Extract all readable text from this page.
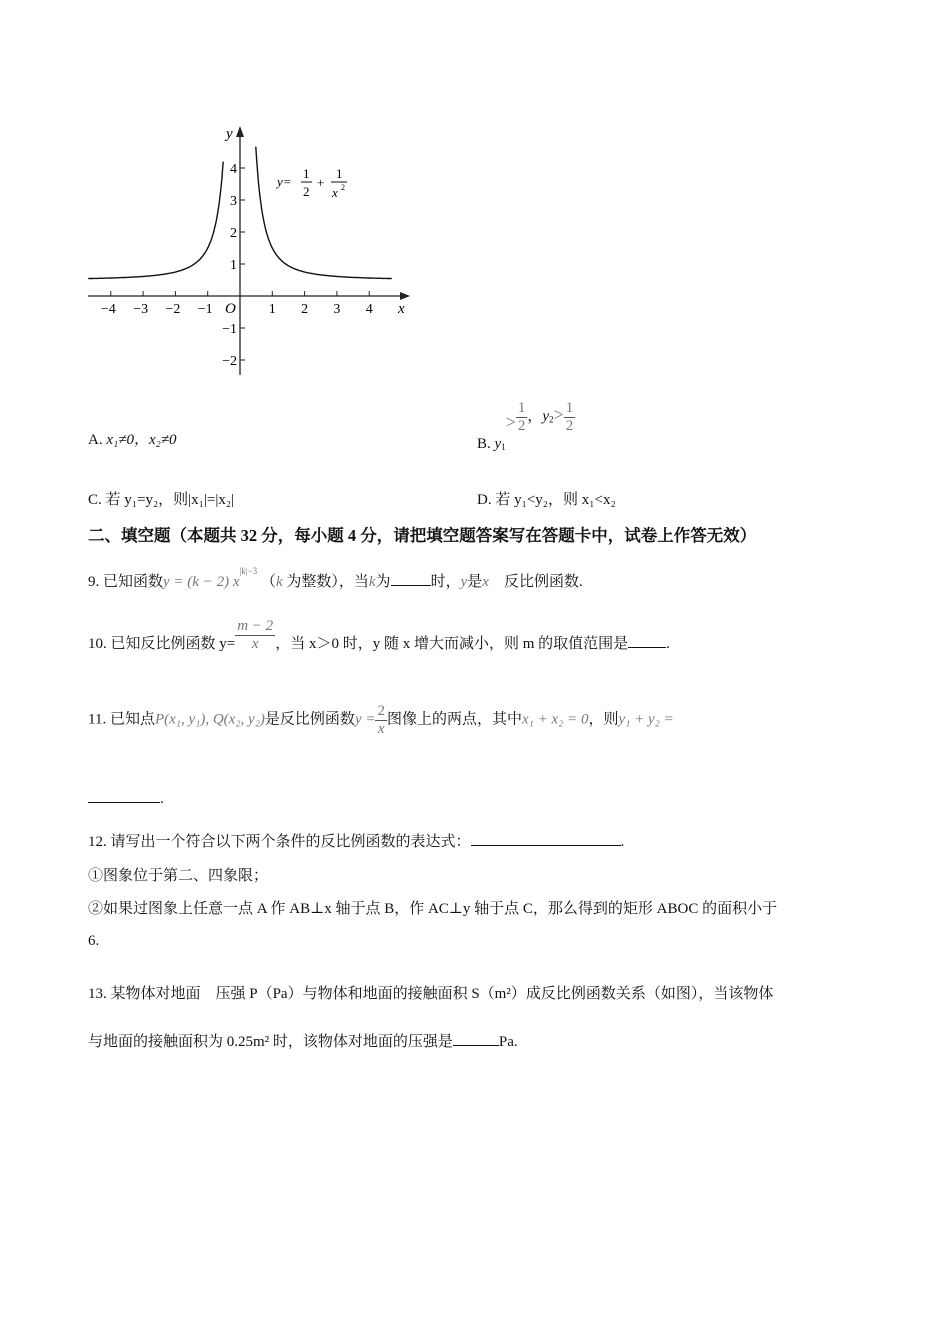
−4 −3 −2 −1	1 2 3 4
4
3
2
1
−1
−2
y
x
O
y=
1
2
+
1
x 2
A. x₁≠0，x₂≠0	B. $y_1> \frac{1}{2}$ ，$y_2> \frac{1}{2}$
C. 若 y₁=y₂，则|x₁|=|x₂|	D. 若 y₁<y₂，则 x₁<x₂
二、填空题（本题共 32 分，每小题 4 分，请把填空题答案写在答题卡中，试卷上作答无效）
9. 已知函数y = (k − 2) $x^{|k|-3}$ （k 为整数），当k为	时，y是x 反比例函数.
10. 已知反比例函数 $y= \frac{m - 2}{x}$ ，当 x＞0 时，y 随 x 增大而减小，则 m 的取值范围是	.
11. 已知点P(x₁, y₁), Q(x₂, y₂)是反比例函数$y = \frac{2}{x}$ 图像上的两点，其中x₁ + x₂ = 0，则y₁ + y₂ =
.
12. 请写出一个符合以下两个条件的反比例函数的表达式：	.
①图象位于第二、四象限；
②如果过图象上任意一点 A 作 AB⊥x 轴于点 B，作 AC⊥y 轴于点 C，那么得到的矩形 ABOC 的面积小于
6.
13. 某物体对地面　压强 P（Pa）与物体和地面的接触面积 S（m²）成反比例函数关系（如图），当该物体
与地面的接触面积为 0.25m² 时，该物体对地面的压强是	Pa.
